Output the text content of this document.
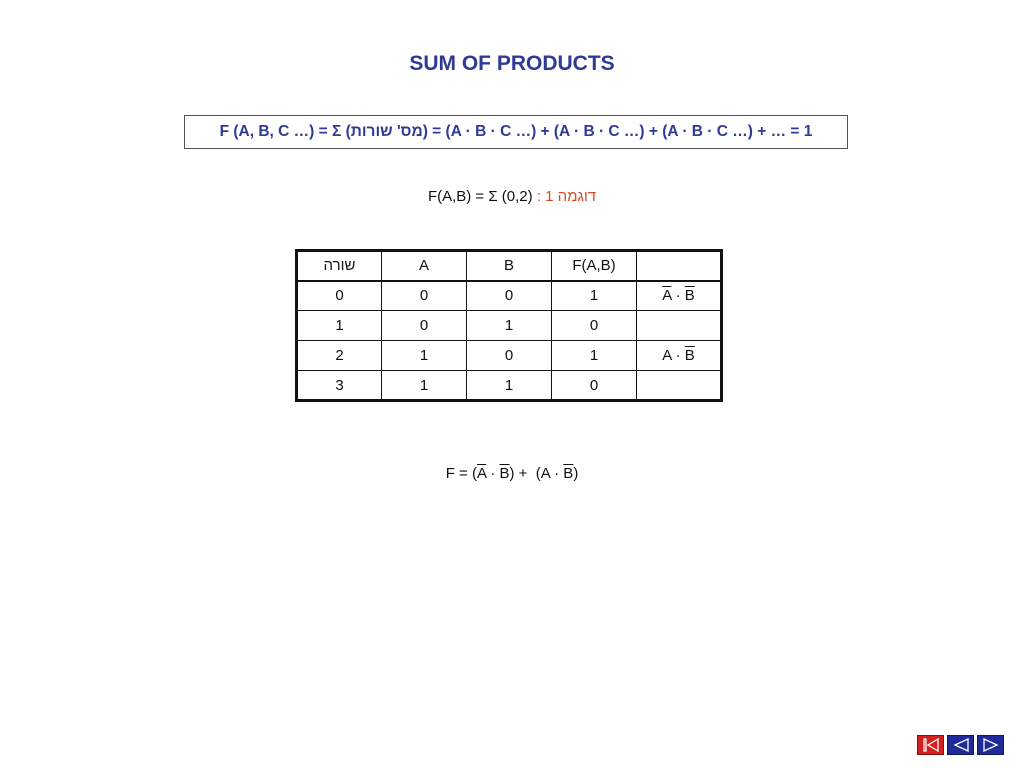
SUM OF PRODUCTS
F (A, B, C …) = Σ (מס' שורות) = (A · B · C …) + (A · B · C …) + (A · B · C …) + … = 1
F(A,B) = Σ (0,2) דוגמה 1 :
שורה	A	B	F(A,B)	
0	0	0	1	$\overline{A} \cdot \overline{B}$
1	0	1	0	
2	1	0	1	$A \cdot \overline{B}$
3	1	1	0	
$F = (\overline{A} \cdot \overline{B}) + (A \cdot \overline{B})$
